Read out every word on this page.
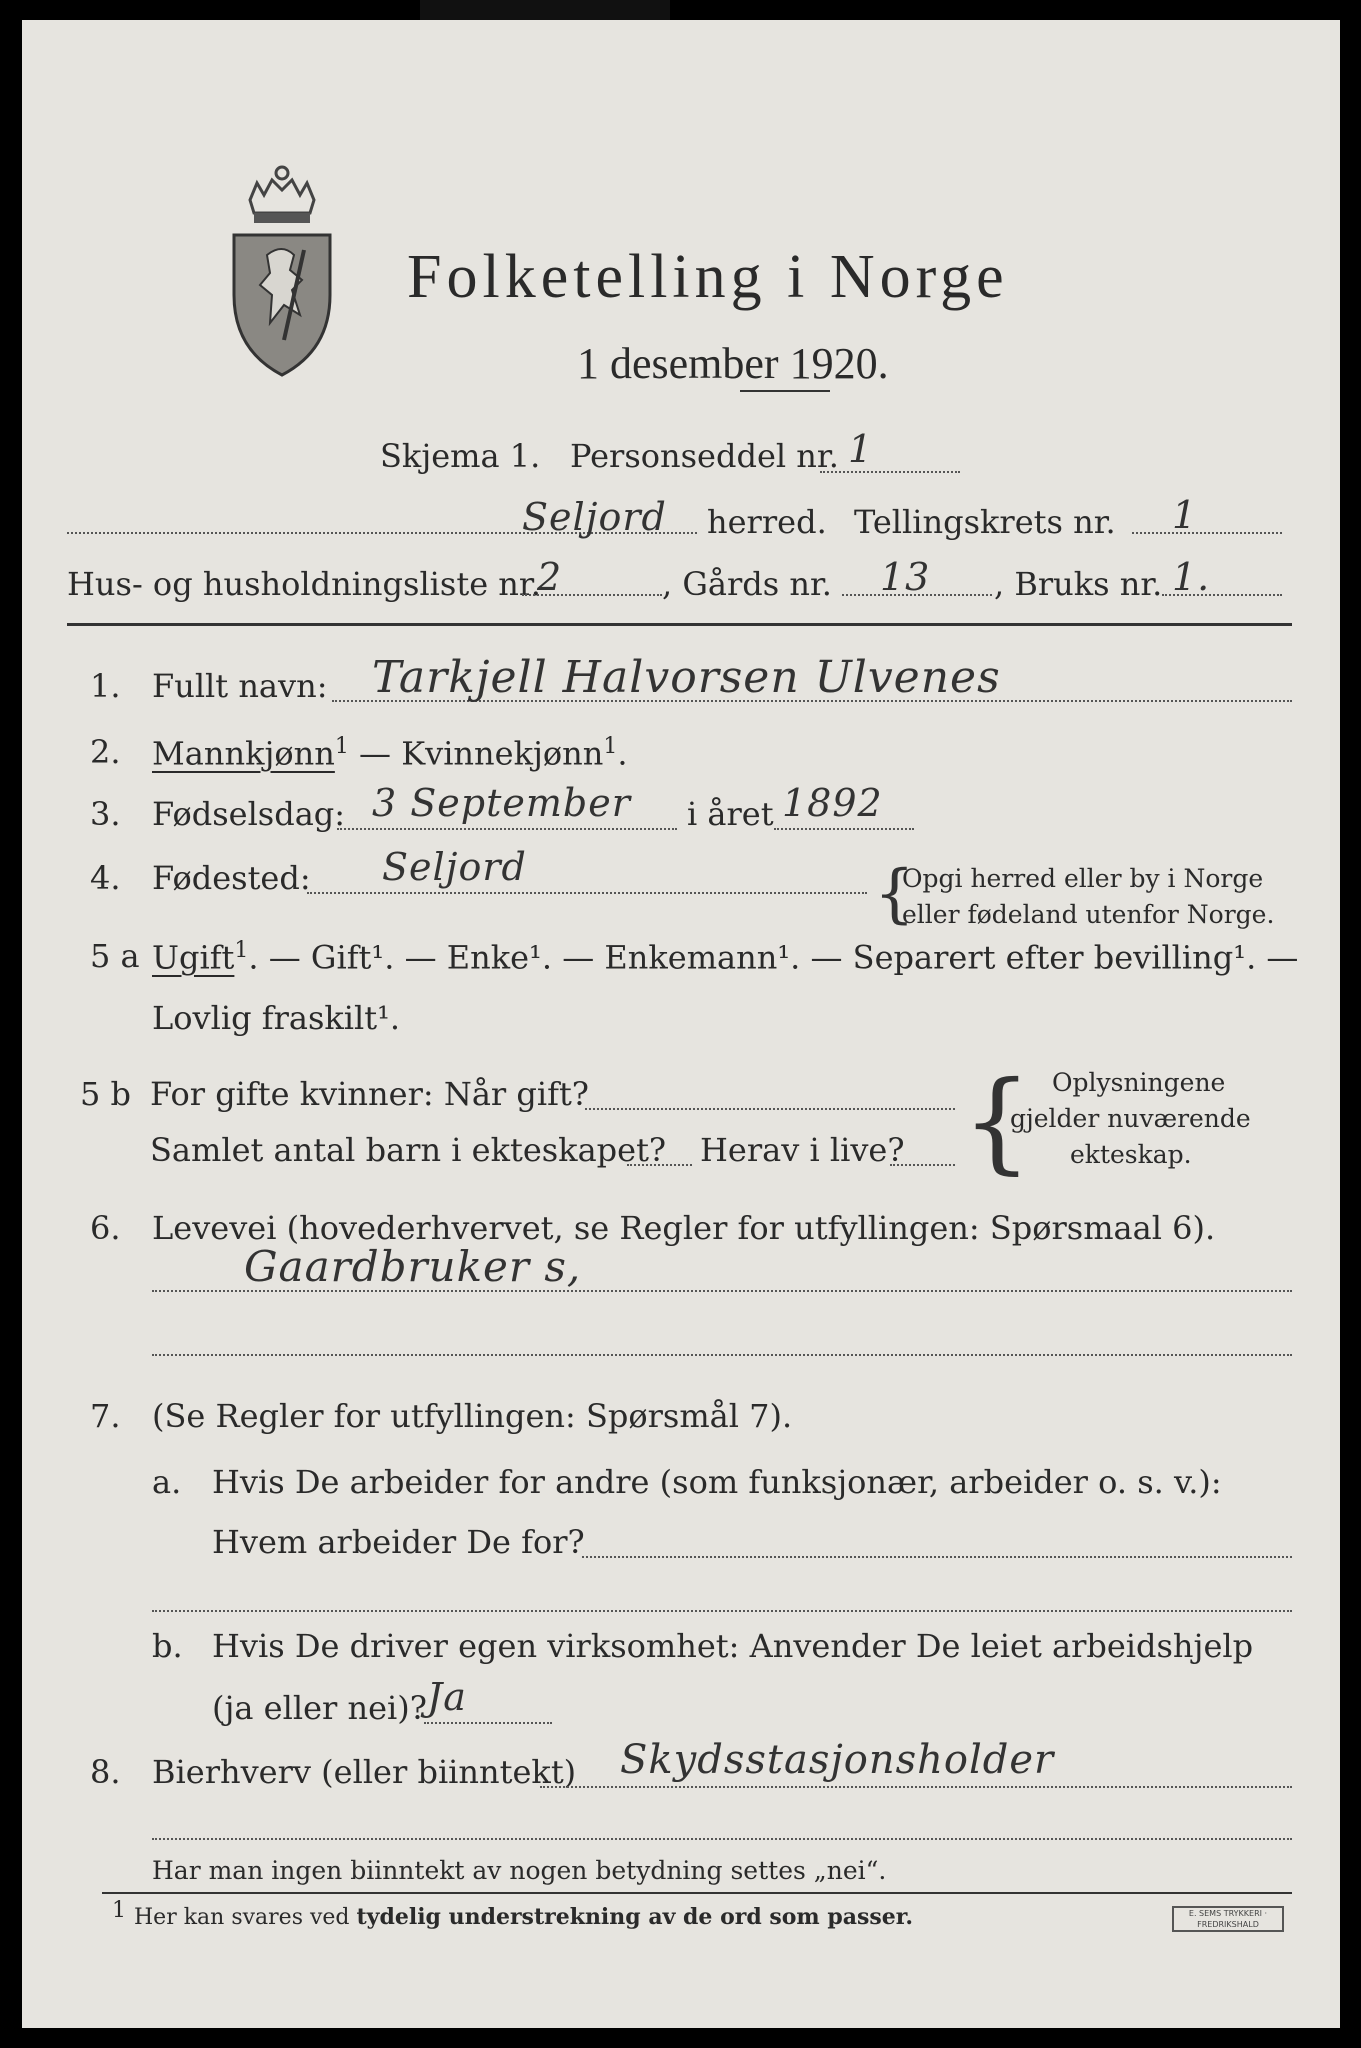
Folketelling i Norge
1 desember 1920.
Skjema 1. Personseddel nr. 1
Seljord herred. Tellingskrets nr. 1
Hus- og husholdningsliste nr.
2	, Gårds nr. 13 , Bruks nr. 1.
1. Fullt navn: Tarkjell Halvorsen Ulvenes
2. Mannkjønn$^1$ — Kvinnekjønn$^1$.
3. Fødselsdag: 3 September i året 1892
4. Fødested: Seljord	{
Opgi herred eller by i Norge
eller fødeland utenfor Norge.
5 a Ugift$^1$. — Gift¹. — Enke¹. — Enkemann¹. — Separert efter bevilling¹. —
Lovlig fraskilt¹.
5 b For gifte kvinner: Når gift?
Samlet antal barn i ekteskapet? Herav i live? { Oplysningene
gjelder nuværende
ekteskap.
6. Levevei (hovederhvervet, se Regler for utfyllingen: Spørsmaal 6).
Gaardbruker s,
7. (Se Regler for utfyllingen: Spørsmål 7).
a. Hvis De arbeider for andre (som funksjonær, arbeider o. s. v.):
Hvem arbeider De for?
b. Hvis De driver egen virksomhet: Anvender De leiet arbeidshjelp
(ja eller nei)? Ja
8. Bierhverv (eller biinntekt) Skydsstasjonsholder
Har man ingen biinntekt av nogen betydning settes „nei“.
1 Her kan svares ved tydelig understrekning av de ord som passer.	E. SEMS TRYKKERI · FREDRIKSHALD
